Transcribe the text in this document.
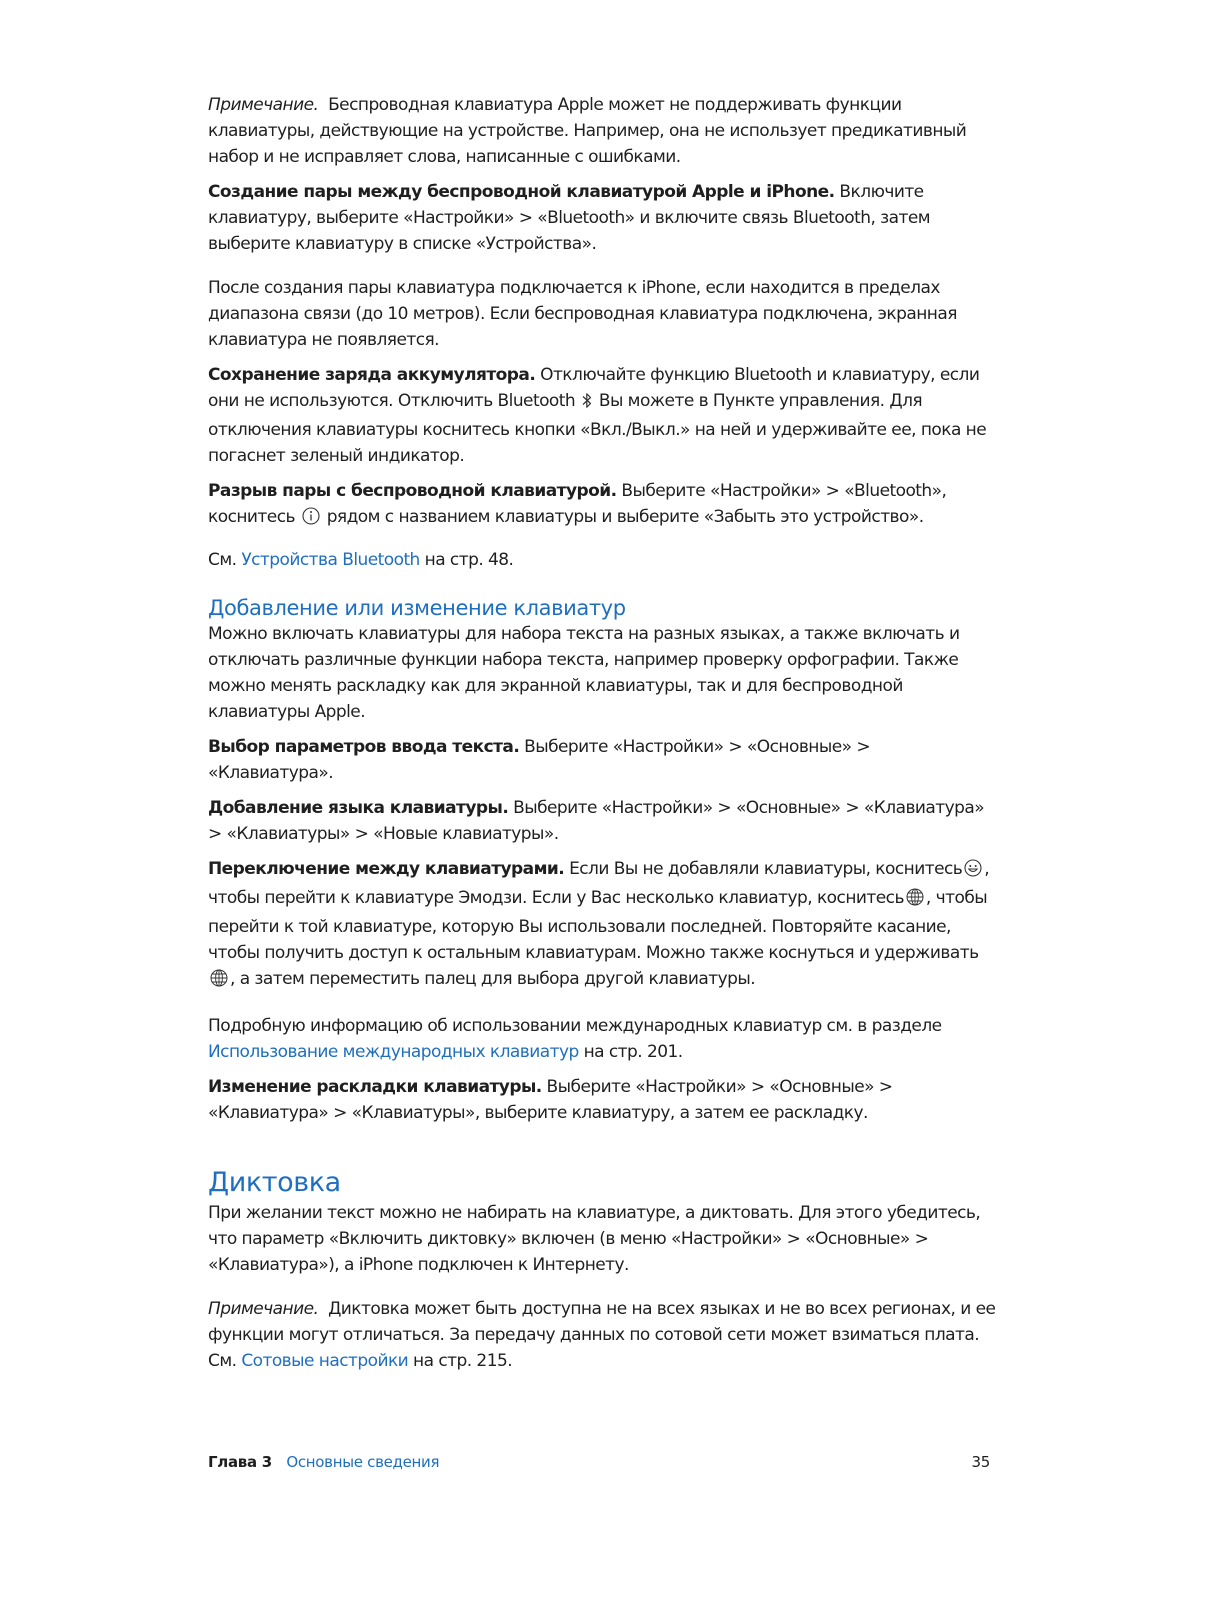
Примечание. Беспроводная клавиатура Apple может не поддерживать функции клавиатуры, действующие на устройстве. Например, она не использует предикативный набор и не исправляет слова, написанные с ошибками.

Создание пары между беспроводной клавиатурой Apple и iPhone. Включите клавиатуру, выберите «Настройки» > «Bluetooth» и включите связь Bluetooth, затем выберите клавиатуру в списке «Устройства».

После создания пары клавиатура подключается к iPhone, если находится в пределах диапазона связи (до 10 метров). Если беспроводная клавиатура подключена, экранная клавиатура не появляется.

Сохранение заряда аккумулятора. Отключайте функцию Bluetooth и клавиатуру, если они не используются. Отключить Bluetooth Вы можете в Пункте управления. Для отключения клавиатуры коснитесь кнопки «Вкл./Выкл.» на ней и удерживайте ее, пока не погаснет зеленый индикатор.

Разрыв пары с беспроводной клавиатурой. Выберите «Настройки» > «Bluetooth», коснитесь рядом с названием клавиатуры и выберите «Забыть это устройство».

См. Устройства Bluetooth на стр. 48.

Добавление или изменение клавиатур

Можно включать клавиатуры для набора текста на разных языках, а также включать и отключать различные функции набора текста, например проверку орфографии. Также можно менять раскладку как для экранной клавиатуры, так и для беспроводной клавиатуры Apple.

Выбор параметров ввода текста. Выберите «Настройки» > «Основные» > «Клавиатура».

Добавление языка клавиатуры. Выберите «Настройки» > «Основные» > «Клавиатура» > «Клавиатуры» > «Новые клавиатуры».

Переключение между клавиатурами. Если Вы не добавляли клавиатуры, коснитесь , чтобы перейти к клавиатуре Эмодзи. Если у Вас несколько клавиатур, коснитесь , чтобы перейти к той клавиатуре, которую Вы использовали последней. Повторяйте касание, чтобы получить доступ к остальным клавиатурам. Можно также коснуться и удерживать, а затем переместить палец для выбора другой клавиатуры.

Подробную информацию об использовании международных клавиатур см. в разделе Использование международных клавиатур на стр. 201.

Изменение раскладки клавиатуры. Выберите «Настройки» > «Основные» > «Клавиатура» > «Клавиатуры», выберите клавиатуру, а затем ее раскладку.

Диктовка

При желании текст можно не набирать на клавиатуре, а диктовать. Для этого убедитесь, что параметр «Включить диктовку» включен (в меню «Настройки» > «Основные» > «Клавиатура»), а iPhone подключен к Интернету.

Примечание. Диктовка может быть доступна не на всех языках и не во всех регионах, и ее функции могут отличаться. За передачу данных по сотовой сети может взиматься плата. См. Сотовые настройки на стр. 215.

Глава 3 Основные сведения	35
